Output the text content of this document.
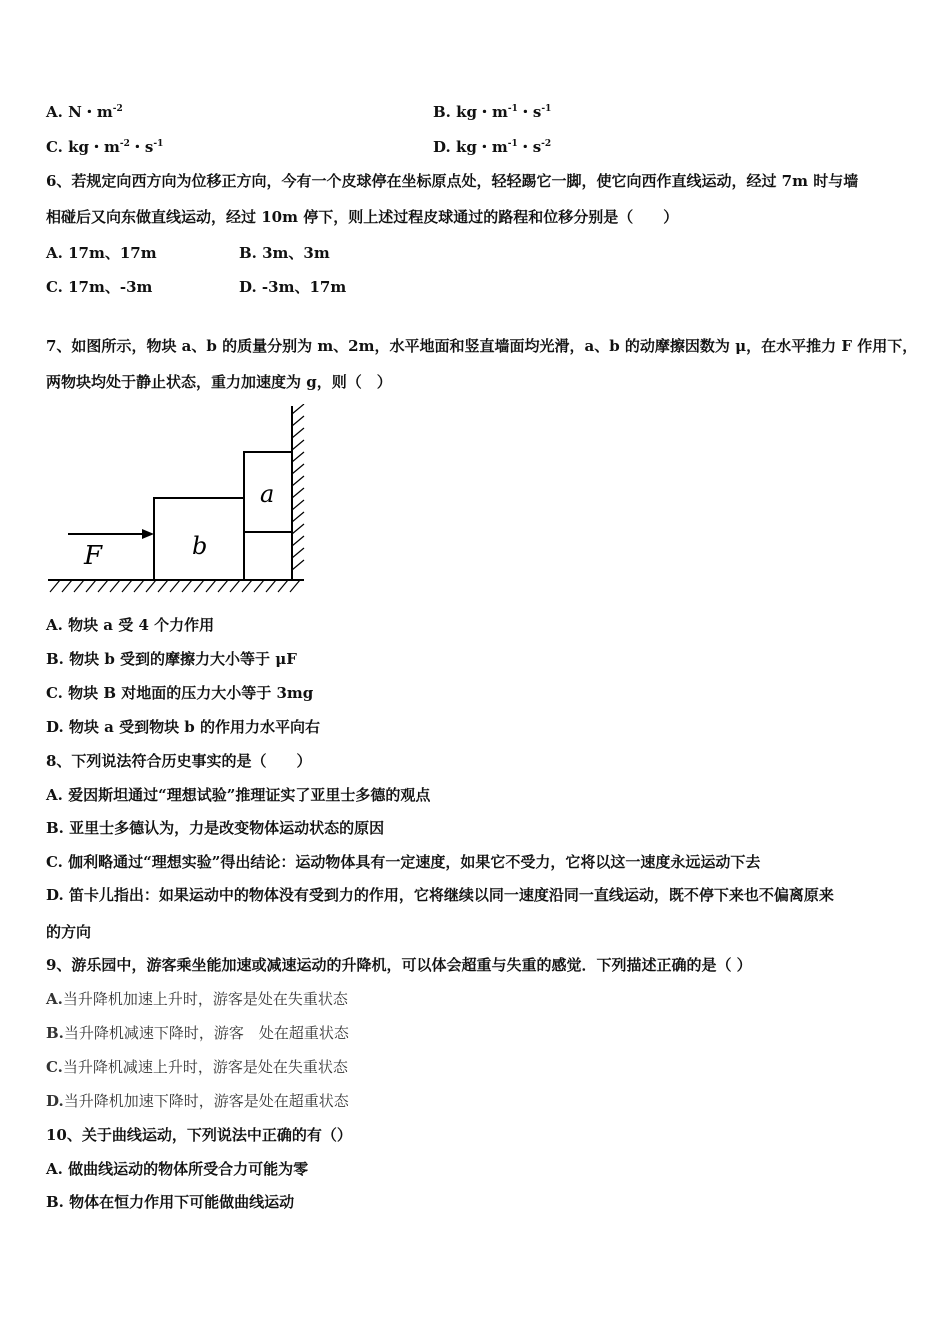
A. N・$m^{-2}$	B. kg・$m^{-1}$・$s^{-1}$
C. kg・$m^{-2}$・$s^{-1}$	D. kg・$m^{-1}$・$s^{-2}$
6、若规定向西方向为位移正方向，今有一个皮球停在坐标原点处，轻轻踢它一脚，使它向西作直线运动，经过 7m 时与墙
相碰后又向东做直线运动，经过 10m 停下，则上述过程皮球通过的路程和位移分别是（　　）
A. 17m、17m	B. 3m、3m
C. 17m、-3m	D. -3m、17m
7、如图所示，物块 a、b 的质量分别为 m、2m，水平地面和竖直墙面均光滑，a、b 的动摩擦因数为 μ，在水平推力 F 作用下，
两物块均处于静止状态，重力加速度为 g，则（　）
a
b
F
A. 物块 a 受 4 个力作用
B. 物块 b 受到的摩擦力大小等于 μF
C. 物块 B 对地面的压力大小等于 3mg
D. 物块 a 受到物块 b 的作用力水平向右
8、下列说法符合历史事实的是（　　）
A. 爱因斯坦通过“理想试验”推理证实了亚里士多德的观点
B. 亚里士多德认为，力是改变物体运动状态的原因
C. 伽利略通过“理想实验”得出结论：运动物体具有一定速度，如果它不受力，它将以这一速度永远运动下去
D. 笛卡儿指出：如果运动中的物体没有受到力的作用，它将继续以同一速度沿同一直线运动，既不停下来也不偏离原来
的方向
9、游乐园中，游客乘坐能加速或减速运动的升降机，可以体会超重与失重的感觉．下列描述正确的是（ ）
A.当升降机加速上升时，游客是处在失重状态
B.当升降机减速下降时，游客　处在超重状态
C.当升降机减速上升时，游客是处在失重状态
D.当升降机加速下降时，游客是处在超重状态
10、关于曲线运动，下列说法中正确的有（）
A. 做曲线运动的物体所受合力可能为零
B. 物体在恒力作用下可能做曲线运动
